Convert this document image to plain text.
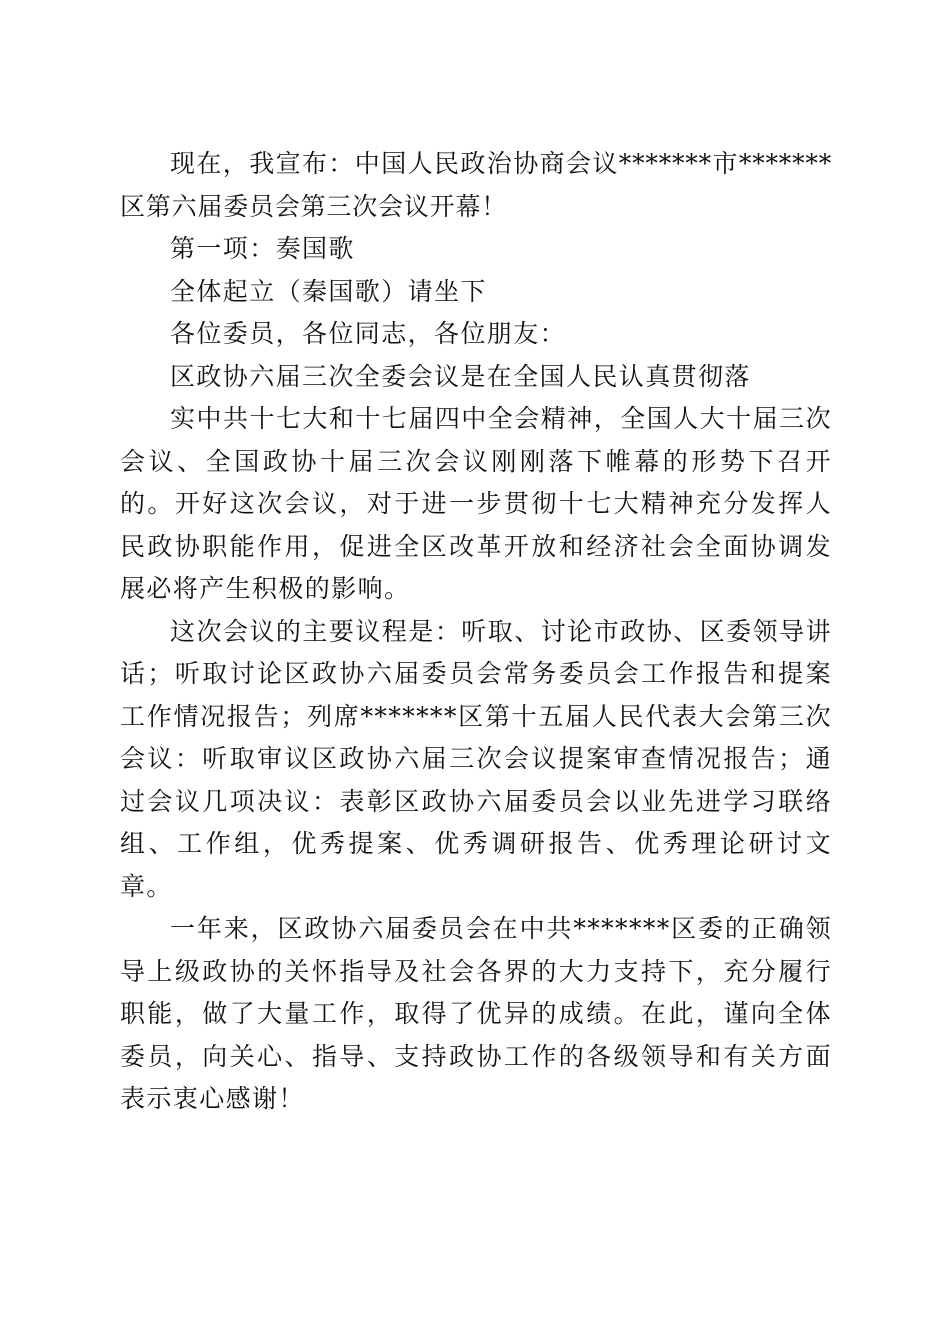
现在，我宣布：中国人民政治协商会议*******市*******区第六届委员会第三次会议开幕！

第一项：奏国歌

全体起立（秦国歌）请坐下

各位委员，各位同志，各位朋友：

区政协六届三次全委会议是在全国人民认真贯彻落

实中共十七大和十七届四中全会精神，全国人大十届三次会议、全国政协十届三次会议刚刚落下帷幕的形势下召开的。开好这次会议，对于进一步贯彻十七大精神充分发挥人民政协职能作用，促进全区改革开放和经济社会全面协调发展必将产生积极的影响。

这次会议的主要议程是：听取、讨论市政协、区委领导讲话；听取讨论区政协六届委员会常务委员会工作报告和提案工作情况报告；列席*******区第十五届人民代表大会第三次会议：听取审议区政协六届三次会议提案审查情况报告；通过会议几项决议：表彰区政协六届委员会以业先进学习联络组、工作组，优秀提案、优秀调研报告、优秀理论研讨文章。

一年来，区政协六届委员会在中共*******区委的正确领导上级政协的关怀指导及社会各界的大力支持下，充分履行职能，做了大量工作，取得了优异的成绩。在此，谨向全体委员，向关心、指导、支持政协工作的各级领导和有关方面表示衷心感谢！
